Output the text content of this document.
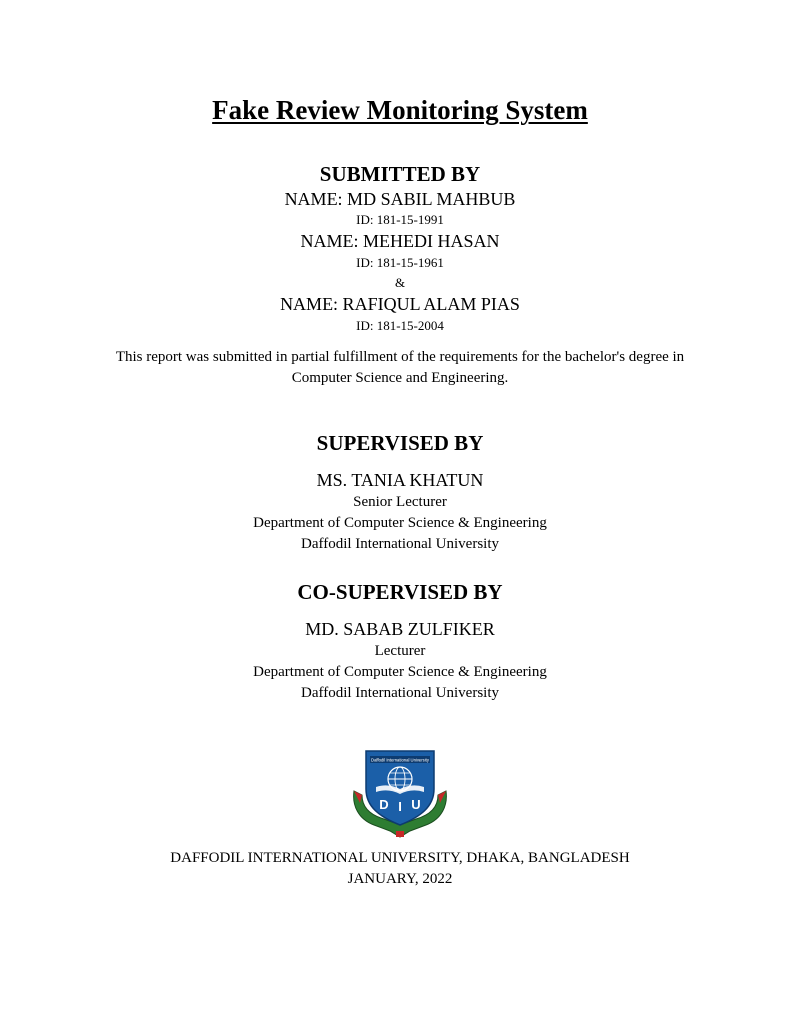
Fake Review Monitoring System
SUBMITTED BY
NAME: MD SABIL MAHBUB
ID: 181-15-1991
NAME: MEHEDI HASAN
ID: 181-15-1961
&
NAME: RAFIQUL ALAM PIAS
ID: 181-15-2004
This report was submitted in partial fulfillment of the requirements for the bachelor's degree in
Computer Science and Engineering.
SUPERVISED BY
MS. TANIA KHATUN
Senior Lecturer
Department of Computer Science & Engineering
Daffodil International University
CO-SUPERVISED BY
MD. SABAB ZULFIKER
Lecturer
Department of Computer Science & Engineering
Daffodil International University
Daffodil International University
D I U
DAFFODIL INTERNATIONAL UNIVERSITY, DHAKA, BANGLADESH
JANUARY, 2022
